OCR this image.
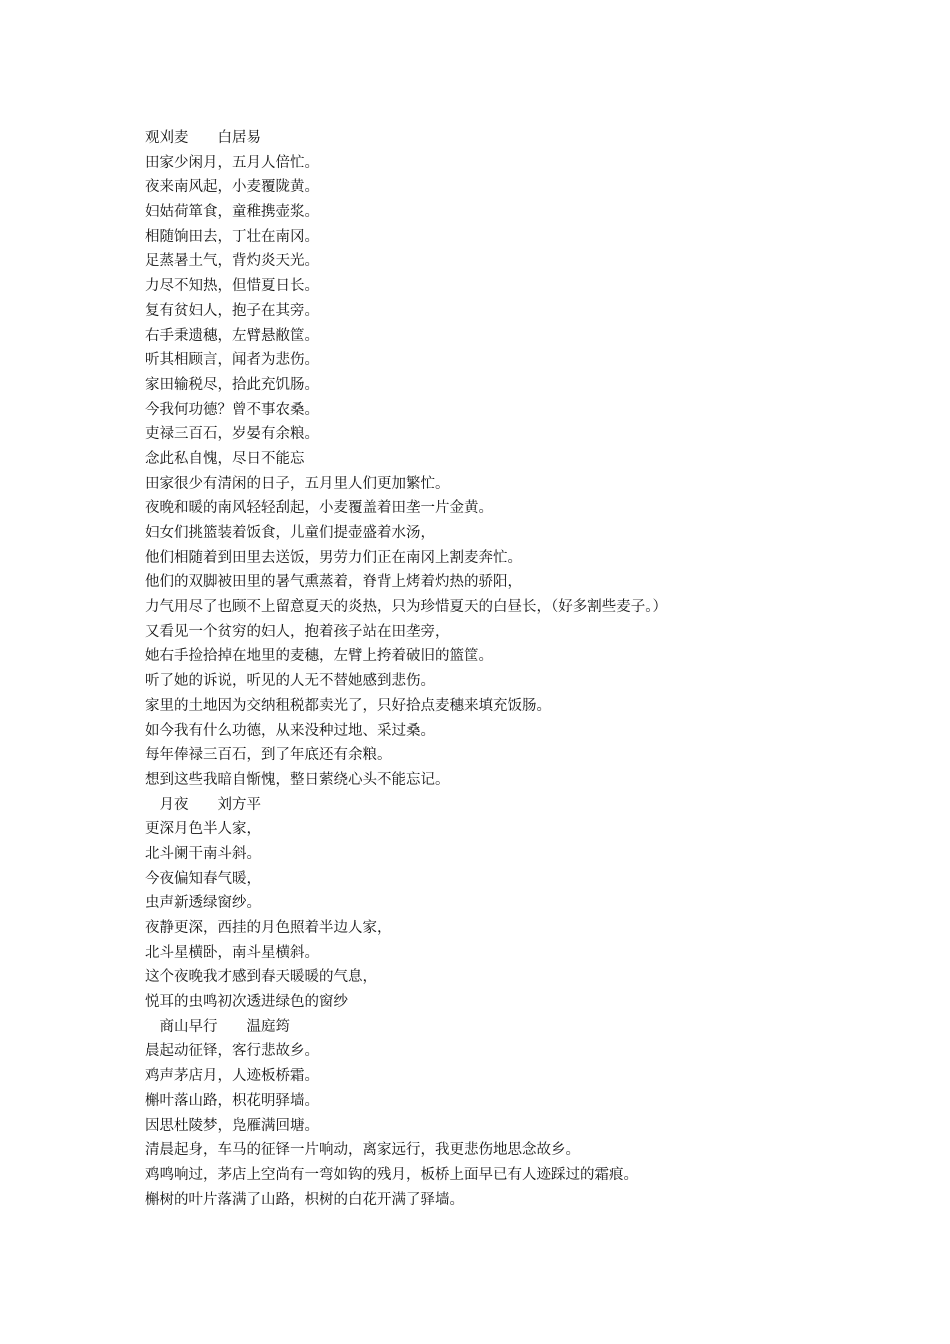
观刈麦　　白居易
田家少闲月，五月人倍忙。
夜来南风起，小麦覆陇黄。
妇姑荷箪食，童稚携壶浆。
相随饷田去，丁壮在南冈。
足蒸暑土气，背灼炎天光。
力尽不知热，但惜夏日长。
复有贫妇人，抱子在其旁。
右手秉遗穗，左臂悬敝筐。
听其相顾言，闻者为悲伤。
家田输税尽，拾此充饥肠。
今我何功德？曾不事农桑。
吏禄三百石，岁晏有余粮。
念此私自愧，尽日不能忘
田家很少有清闲的日子，五月里人们更加繁忙。
夜晚和暖的南风轻轻刮起，小麦覆盖着田垄一片金黄。
妇女们挑篮装着饭食，儿童们提壶盛着水汤，
他们相随着到田里去送饭，男劳力们正在南冈上割麦奔忙。
他们的双脚被田里的暑气熏蒸着，脊背上烤着灼热的骄阳，
力气用尽了也顾不上留意夏天的炎热，只为珍惜夏天的白昼长，（好多割些麦子。）
又看见一个贫穷的妇人，抱着孩子站在田垄旁，
她右手捡拾掉在地里的麦穗，左臂上挎着破旧的篮筐。
听了她的诉说，听见的人无不替她感到悲伤。
家里的土地因为交纳租税都卖光了，只好拾点麦穗来填充饭肠。
如今我有什么功德，从来没种过地、采过桑。
每年俸禄三百石，到了年底还有余粮。
想到这些我暗自惭愧，整日萦绕心头不能忘记。
　月夜　　刘方平
更深月色半人家，
北斗阑干南斗斜。
今夜偏知春气暖，
虫声新透绿窗纱。
夜静更深，西挂的月色照着半边人家，
北斗星横卧，南斗星横斜。
这个夜晚我才感到春天暖暖的气息，
悦耳的虫鸣初次透进绿色的窗纱
　商山早行　　温庭筠
晨起动征铎，客行悲故乡。
鸡声茅店月，人迹板桥霜。
槲叶落山路，枳花明驿墙。
因思杜陵梦，凫雁满回塘。
清晨起身，车马的征铎一片响动，离家远行，我更悲伤地思念故乡。
鸡鸣响过，茅店上空尚有一弯如钩的残月，板桥上面早已有人迹踩过的霜痕。
槲树的叶片落满了山路，枳树的白花开满了驿墙。
